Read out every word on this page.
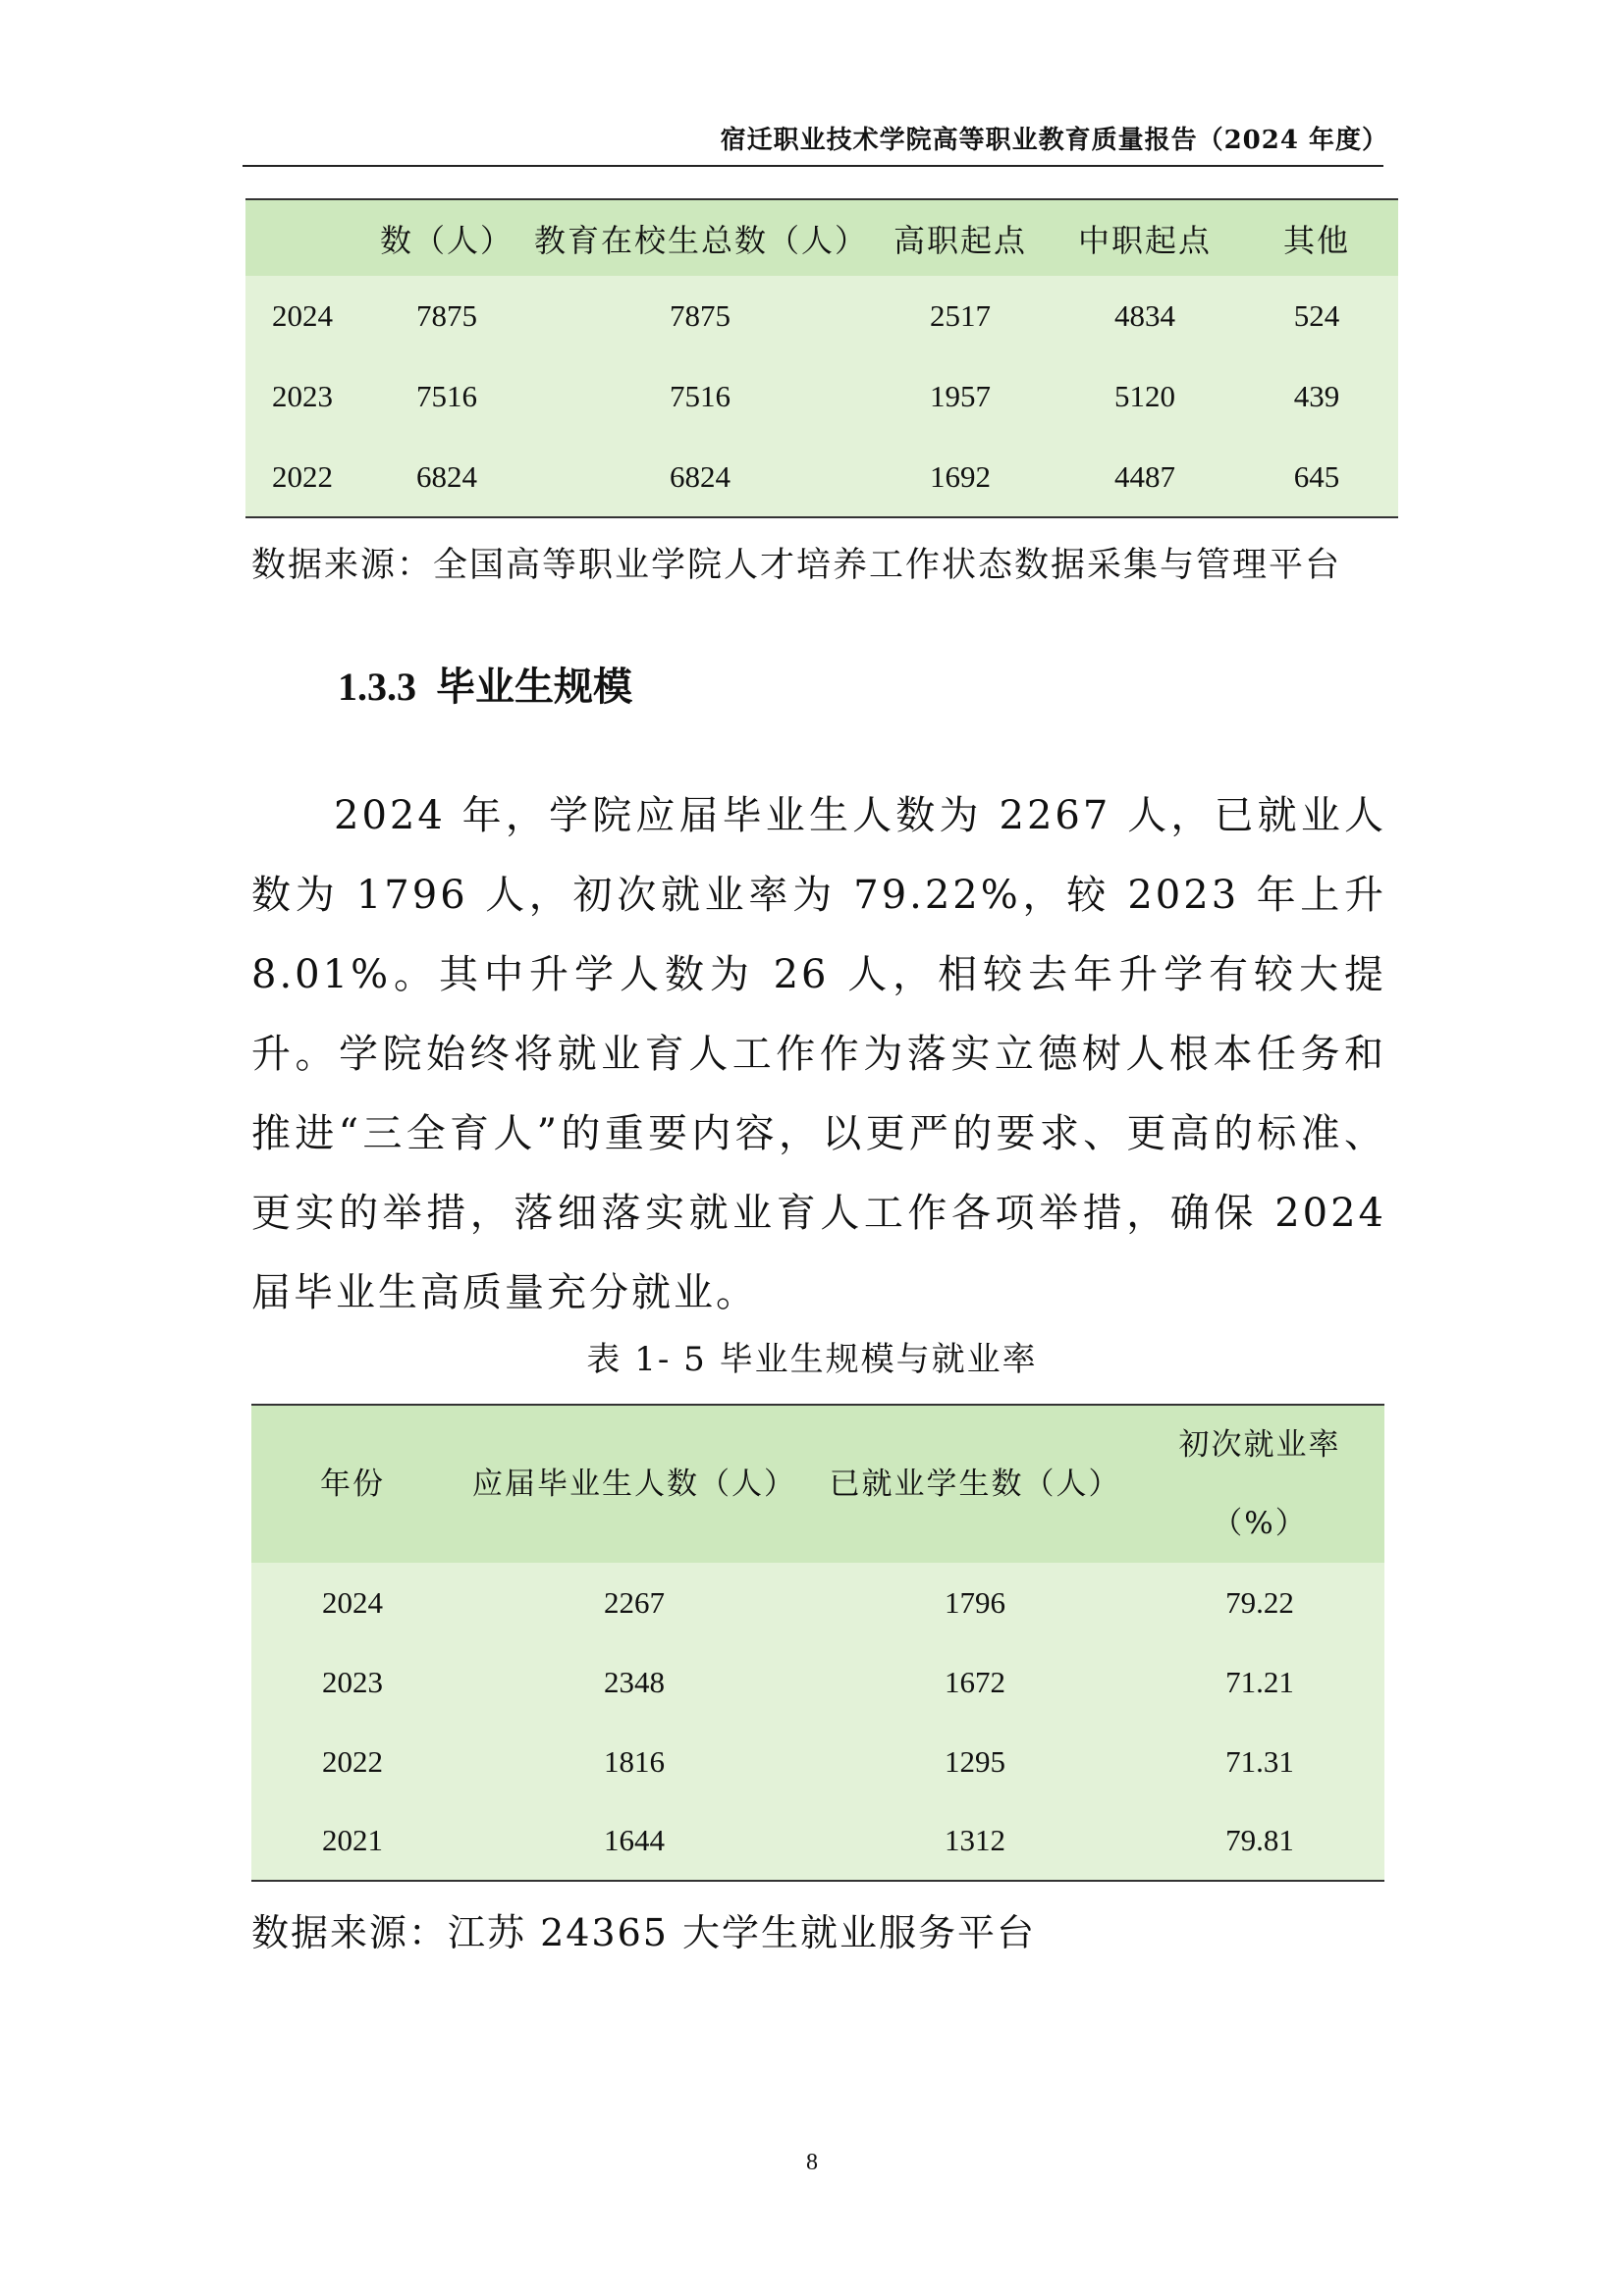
宿迁职业技术学院高等职业教育质量报告（2024 年度）
	数（人）	教育在校生总数（人）	高职起点	中职起点	其他
2024	7875	7875	2517	4834	524
2023	7516	7516	1957	5120	439
2022	6824	6824	1692	4487	645
数据来源：全国高等职业学院人才培养工作状态数据采集与管理平台
1.3.3 毕业生规模
2024 年，学院应届毕业生人数为 2267 人，已就业人数为 1796 人，初次就业率为 79.22%，较 2023 年上升 8.01%。其中升学人数为 26 人，相较去年升学有较大提升。学院始终将就业育人工作作为落实立德树人根本任务和推进“三全育人”的重要内容，以更严的要求、更高的标准、更实的举措，落细落实就业育人工作各项举措，确保 2024 届毕业生高质量充分就业。
表 1- 5 毕业生规模与就业率
年份	应届毕业生人数（人）	已就业学生数（人）	初次就业率
（%）

2024	2267	1796	79.22
2023	2348	1672	71.21
2022	1816	1295	71.31
2021	1644	1312	79.81
数据来源：江苏 24365 大学生就业服务平台
8
